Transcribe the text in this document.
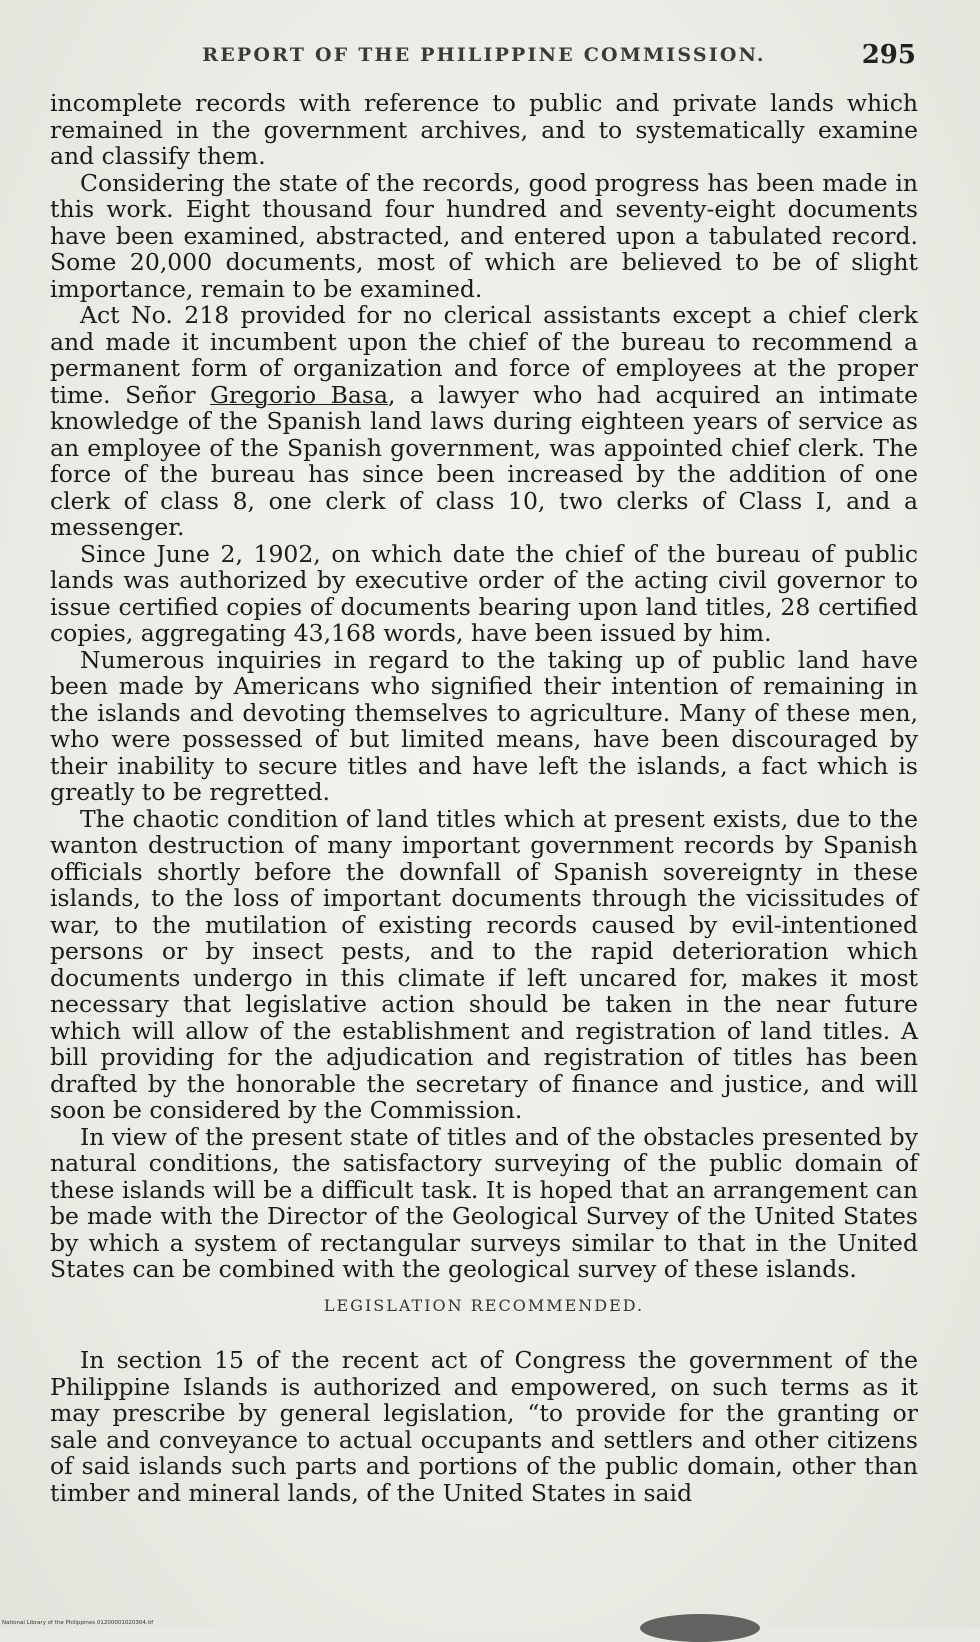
REPORT OF THE PHILIPPINE COMMISSION.	295

incomplete records with reference to public and private lands which remained in the government archives, and to systematically examine and classify them.

Considering the state of the records, good progress has been made in this work. Eight thousand four hundred and seventy-eight documents have been examined, abstracted, and entered upon a tabulated record. Some 20,000 documents, most of which are believed to be of slight importance, remain to be examined.

Act No. 218 provided for no clerical assistants except a chief clerk and made it incumbent upon the chief of the bureau to recommend a permanent form of organization and force of employees at the proper time. Señor Gregorio Basa, a lawyer who had acquired an intimate knowledge of the Spanish land laws during eighteen years of service as an employee of the Spanish government, was appointed chief clerk. The force of the bureau has since been increased by the addition of one clerk of class 8, one clerk of class 10, two clerks of Class I, and a messenger.

Since June 2, 1902, on which date the chief of the bureau of public lands was authorized by executive order of the acting civil governor to issue certified copies of documents bearing upon land titles, 28 certified copies, aggregating 43,168 words, have been issued by him.

Numerous inquiries in regard to the taking up of public land have been made by Americans who signified their intention of remaining in the islands and devoting themselves to agriculture. Many of these men, who were possessed of but limited means, have been discouraged by their inability to secure titles and have left the islands, a fact which is greatly to be regretted.

The chaotic condition of land titles which at present exists, due to the wanton destruction of many important government records by Spanish officials shortly before the downfall of Spanish sovereignty in these islands, to the loss of important documents through the vicissitudes of war, to the mutilation of existing records caused by evil-intentioned persons or by insect pests, and to the rapid deterioration which documents undergo in this climate if left uncared for, makes it most necessary that legislative action should be taken in the near future which will allow of the establishment and registration of land titles. A bill providing for the adjudication and registration of titles has been drafted by the honorable the secretary of finance and justice, and will soon be considered by the Commission.

In view of the present state of titles and of the obstacles presented by natural conditions, the satisfactory surveying of the public domain of these islands will be a difficult task. It is hoped that an arrangement can be made with the Director of the Geological Survey of the United States by which a system of rectangular surveys similar to that in the United States can be combined with the geological survey of these islands.

LEGISLATION RECOMMENDED.

In section 15 of the recent act of Congress the government of the Philippine Islands is authorized and empowered, on such terms as it may prescribe by general legislation, “to provide for the granting or sale and conveyance to actual occupants and settlers and other citizens of said islands such parts and portions of the public domain, other than timber and mineral lands, of the United States in said

National Library of the Philippines 01200001020304.tif
